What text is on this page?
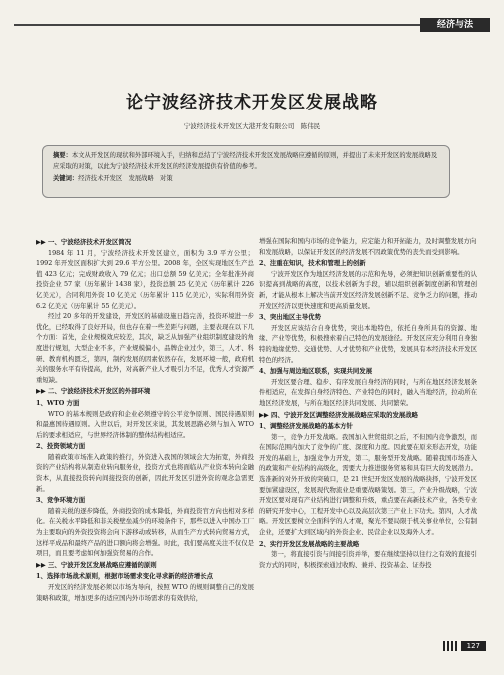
经济与法
论宁波经济技术开发区发展战略
宁波经济技术开发区大港开发有限公司　陈伟民
摘要：本文从开发区的现状和外部环境入手，归纳和总结了宁波经济技术开发区发展战略应遵循的原则，并提出了未来开发区的发展战略及应采取的对策，以此为宁波经济技术开发区的经济发展提供有价值的参考。
关键词：经济技术开发区　发展战略　对策
▶▶ 一、宁波经济技术开发区简况
1984 年 11 月，宁波经济技术开发区建立，面积为 3.9 平方公里；1992 年开发区面积扩大到 29.6 平方公里。2008 年，全区实现地区生产总值 423 亿元；完成财政收入 79 亿元；出口总额 59 亿美元；全年批准外商投资企业 57 家（历年累计 1438 家），投资总额 25 亿美元（历年累计 226 亿美元），合同利用外资 10 亿美元（历年累计 115 亿美元），实际利用外资 6.2 亿美元（历年累计 55 亿美元）。
经过 20 多年的开发建设，开发区的基础设施日趋完善，投资环境进一步优化，已经取得了良好开局，但也存在着一些差距与问题，主要表现在以下几个方面：首先，企业规模效应较差，其次，缺乏从加强产业组织制度建设的角度进行规划，大型企业不多，产业规模偏小，品牌企业过少，第三，人才、科研、教育机构匮乏，第四，制约发展的因素依然存在，发展环境一般，政府机关的服务水平有待提高，此外，对高新产业人才吸引力不足，优秀人才资源严重短缺。
▶▶ 二、宁波经济技术开发区的外部环境
1、WTO 方面
WTO 的基本规则是政府和企业必须遵守的公平竞争原则、国民待遇原则和最惠国待遇原则。入世以后，对开发区来说，其发展思路必须与加入 WTO 后的要求相适应，与世界经济体制的整体结构相适应。
2、投资领域方面
随着政策市场准入政策的推行，外资进入我国的领域会大为拓宽，外商投资的产业结构将从制造业转向服务业，投资方式也将面临从产业资本转向金融资本，从直接投资转向间接投资的创新，因此开发区引进外资的观念急需更新。
3、竞争环境方面
随着关税的逐步降低，外商投资的成本降低，外商投资官方向也相对多样化。在关税水平降低和非关税壁垒减少的环境条件下，那些以进入中国办工厂为主要取向的外资投资将会向下游移动或转移，从而生产方式转向贸易方式，这样平成品和最终产品的进口额向将会增强。时此，我们要高度关注不仅仅是项目，而且要考虑如何加强资贸易的合作。
▶▶ 三、宁波开发区发展战略应遵循的原则
1、选择市场战术原则，根据市场需求变化寻求新的经济增长点
开发区的经济发展必须以市场为导向，按照 WTO 的规则调整自己的发展策略和政策，增加更多的适应国内外市场需求的有效供给，
增强在国际和国内市场的竞争能力，应定能力和开拓能力，及时调整发展方向和发展战略，以保证开发区的经济发展不因政策优势的丧失而受到影响。
2、注重在知识，技术和管理上的创新
宁波开发区作为地区经济发展的示范和先导，必须把知识创新重要性的认识提高到战略的高度，以技术创新为手段，辅以组织创新制度创新和管理创新，才能从根本上解决当前开发区经济发展创新不足、竞争乏力的问题，推动开发区经济以更快速度和更高质量发展。
3、突出地区主导优势
开发区应该结合自身优势，突出本地特色，依托自身所具有的资源、地缘、产业等优势，积极搜索着自己特色的发展途径。开发区应充分利用自身独特的地缘优势、交通优势、人才优势和产业优势，发展具有本经济技术开发区特色的经济。
4、加强与周边地区联系，实现共同发展
开发区要合理、稳步、有序发展自身经济的同时，与所在地区经济发展条件相适应，在发挥自身经济特色、产业特色的同时，融入当地经济，拉动所在地区经济发展，与所在地区经济共同发展、共同繁荣。
▶▶ 四、宁波开发区调整经济发展战略应采取的发展战略
1、调整经济发展战略的基本方针
第一，竞争力开发战略。我国加入世贸组织之后，不但国内竞争激烈，而在国际范围内加大了竞争的广度、深度和力度。因此要在原来形态开发，功能开发的基础上，加强竞争力开发，第二，服务型开发战略。随着我国市场准入的政策和产业结构的高级化，需要大力推进服务贸易和具有巨大的发展潜力。选准新的对外开放的突破口，是 21 世纪开发区发展的战略抉择，宁波开发区要加紧建设区，发展现代物流业是重要战略策划。第三，产业升级战略，宁波开发区要对现有产业结构进行调整和升级，重点要在高新技术产业，各类专业的研究开发中心，工程开发中心以及高层次第三产业上下功夫。第四，人才战略。开发区要树立全面科学的人才观，聚光不要局限于机关事业单位，公有制企业，还要扩大到区域内的外资企业、民营企业以及海外人才。
2、实行开发区发展战略的主要战略
第一，将直接引资与间接引资并举，要在继续坚持以往行之有效的直接引资方式的同时，积极探索通过收购、兼并、投资基金、证券投
127
